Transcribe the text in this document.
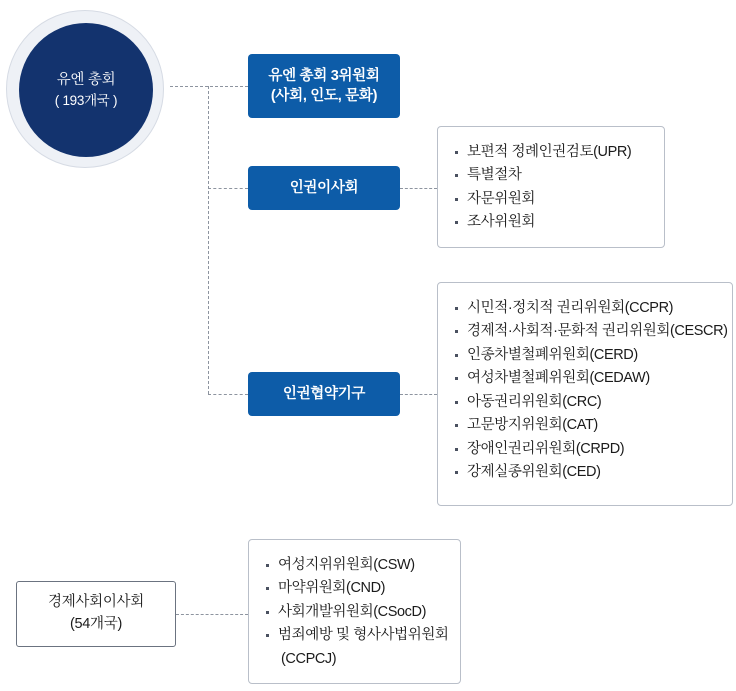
유엔 총회
( 193개국 )
유엔 총회 3위원회
(사회, 인도, 문화)
인권이사회
인권협약기구
경제사회이사회
(54개국)
보편적 정례인권검토(UPR)
특별절차
자문위원회
조사위원회
시민적·정치적 권리위원회(CCPR)
경제적·사회적·문화적 권리위원회(CESCR)
인종차별철폐위원회(CERD)
여성차별철폐위원회(CEDAW)
아동권리위원회(CRC)
고문방지위원회(CAT)
장애인권리위원회(CRPD)
강제실종위원회(CED)
여성지위위원회(CSW)
마약위원회(CND)
사회개발위원회(CSocD)
범죄예방 및 형사사법위원회
(CCPCJ)
